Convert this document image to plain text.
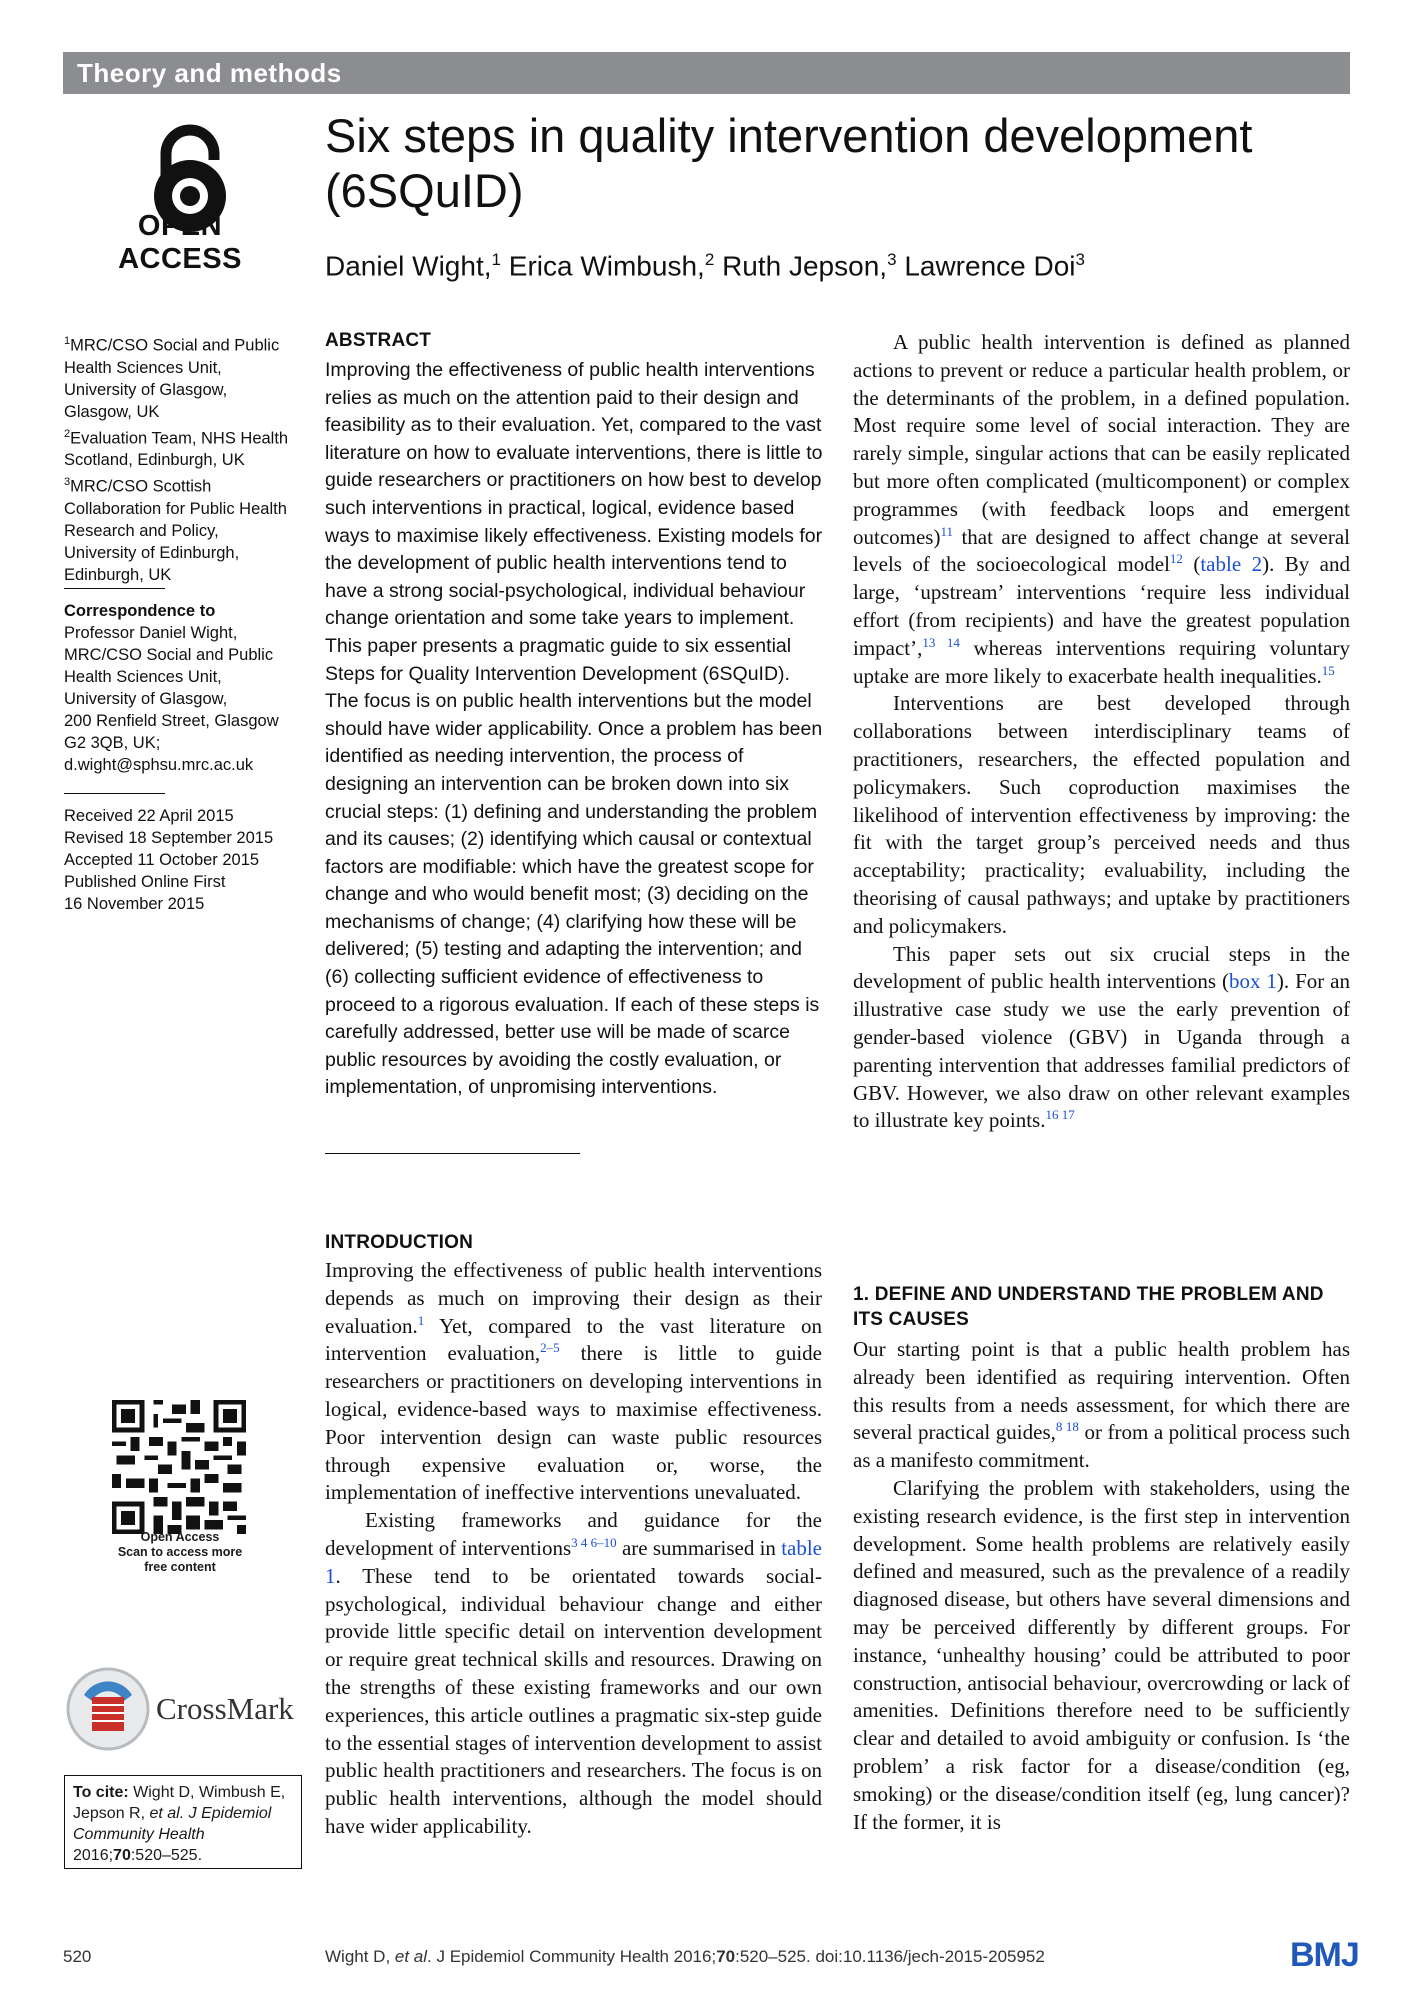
Theory and methods
OPEN ACCESS
Six steps in quality intervention development (6SQuID)
Daniel Wight,$^1$ Erica Wimbush,$^2$ Ruth Jepson,$^3$ Lawrence Doi$^3$
$^1$MRC/CSO Social and Public Health Sciences Unit, University of Glasgow, Glasgow, UK
$^2$Evaluation Team, NHS Health Scotland, Edinburgh, UK
$^3$MRC/CSO Scottish Collaboration for Public Health Research and Policy, University of Edinburgh, Edinburgh, UK
Correspondence to
Professor Daniel Wight,
MRC/CSO Social and Public
Health Sciences Unit,
University of Glasgow,
200 Renfield Street, Glasgow
G2 3QB, UK;
d.wight@sphsu.mrc.ac.uk
Received 22 April 2015
Revised 18 September 2015
Accepted 11 October 2015
Published Online First
16 November 2015
Open Access
Scan to access more
free content
CrossMark
To cite: Wight D, Wimbush E, Jepson R, et al. J Epidemiol Community Health 2016;70:520–525.
ABSTRACT
Improving the effectiveness of public health interventions relies as much on the attention paid to their design and feasibility as to their evaluation. Yet, compared to the vast literature on how to evaluate interventions, there is little to guide researchers or practitioners on how best to develop such interventions in practical, logical, evidence based ways to maximise likely effectiveness. Existing models for the development of public health interventions tend to have a strong social-psychological, individual behaviour change orientation and some take years to implement. This paper presents a pragmatic guide to six essential Steps for Quality Intervention Development (6SQuID). The focus is on public health interventions but the model should have wider applicability. Once a problem has been identified as needing intervention, the process of designing an intervention can be broken down into six crucial steps: (1) defining and understanding the problem and its causes; (2) identifying which causal or contextual factors are modifiable: which have the greatest scope for change and who would benefit most; (3) deciding on the mechanisms of change; (4) clarifying how these will be delivered; (5) testing and adapting the intervention; and (6) collecting sufficient evidence of effectiveness to proceed to a rigorous evaluation. If each of these steps is carefully addressed, better use will be made of scarce public resources by avoiding the costly evaluation, or implementation, of unpromising interventions.
INTRODUCTION

Improving the effectiveness of public health interventions depends as much on improving their design as their evaluation.$^1$ Yet, compared to the vast literature on intervention evaluation,$^{2-5}$ there is little to guide researchers or practitioners on developing interventions in logical, evidence-based ways to maximise effectiveness. Poor intervention design can waste public resources through expensive evaluation or, worse, the implementation of ineffective interventions unevaluated.

Existing frameworks and guidance for the development of interventions$^{3 4 6-10}$ are summarised in table 1. These tend to be orientated towards social-psychological, individual behaviour change and either provide little specific detail on intervention development or require great technical skills and resources. Drawing on the strengths of these existing frameworks and our own experiences, this article outlines a pragmatic six-step guide to the essential stages of intervention development to assist public health practitioners and researchers. The focus is on public health interventions, although the model should have wider applicability.

A public health intervention is defined as planned actions to prevent or reduce a particular health problem, or the determinants of the problem, in a defined population. Most require some level of social interaction. They are rarely simple, singular actions that can be easily replicated but more often complicated (multicomponent) or complex programmes (with feedback loops and emergent outcomes)$^{11}$ that are designed to affect change at several levels of the socioecological model$^{12}$ (table 2). By and large, ‘upstream’ interventions ‘require less individual effort (from recipients) and have the greatest population impact’,$^{13 14}$ whereas interventions requiring voluntary uptake are more likely to exacerbate health inequalities.$^{15}$

Interventions are best developed through collaborations between interdisciplinary teams of practitioners, researchers, the effected population and policymakers. Such coproduction maximises the likelihood of intervention effectiveness by improving: the fit with the target group’s perceived needs and thus acceptability; practicality; evaluability, including the theorising of causal pathways; and uptake by practitioners and policymakers.

This paper sets out six crucial steps in the development of public health interventions (box 1). For an illustrative case study we use the early prevention of gender-based violence (GBV) in Uganda through a parenting intervention that addresses familial predictors of GBV. However, we also draw on other relevant examples to illustrate key points.$^{16 17}$

1. DEFINE AND UNDERSTAND THE PROBLEM AND ITS CAUSES

Our starting point is that a public health problem has already been identified as requiring intervention. Often this results from a needs assessment, for which there are several practical guides,$^{8 18}$ or from a political process such as a manifesto commitment.

Clarifying the problem with stakeholders, using the existing research evidence, is the first step in intervention development. Some health problems are relatively easily defined and measured, such as the prevalence of a readily diagnosed disease, but others have several dimensions and may be perceived differently by different groups. For instance, ‘unhealthy housing’ could be attributed to poor construction, antisocial behaviour, overcrowding or lack of amenities. Definitions therefore need to be sufficiently clear and detailed to avoid ambiguity or confusion. Is ‘the problem’ a risk factor for a disease/condition (eg, smoking) or the disease/condition itself (eg, lung cancer)? If the former, it is

520	Wight D, et al. J Epidemiol Community Health 2016;70:520–525. doi:10.1136/jech-2015-205952	BMJ
